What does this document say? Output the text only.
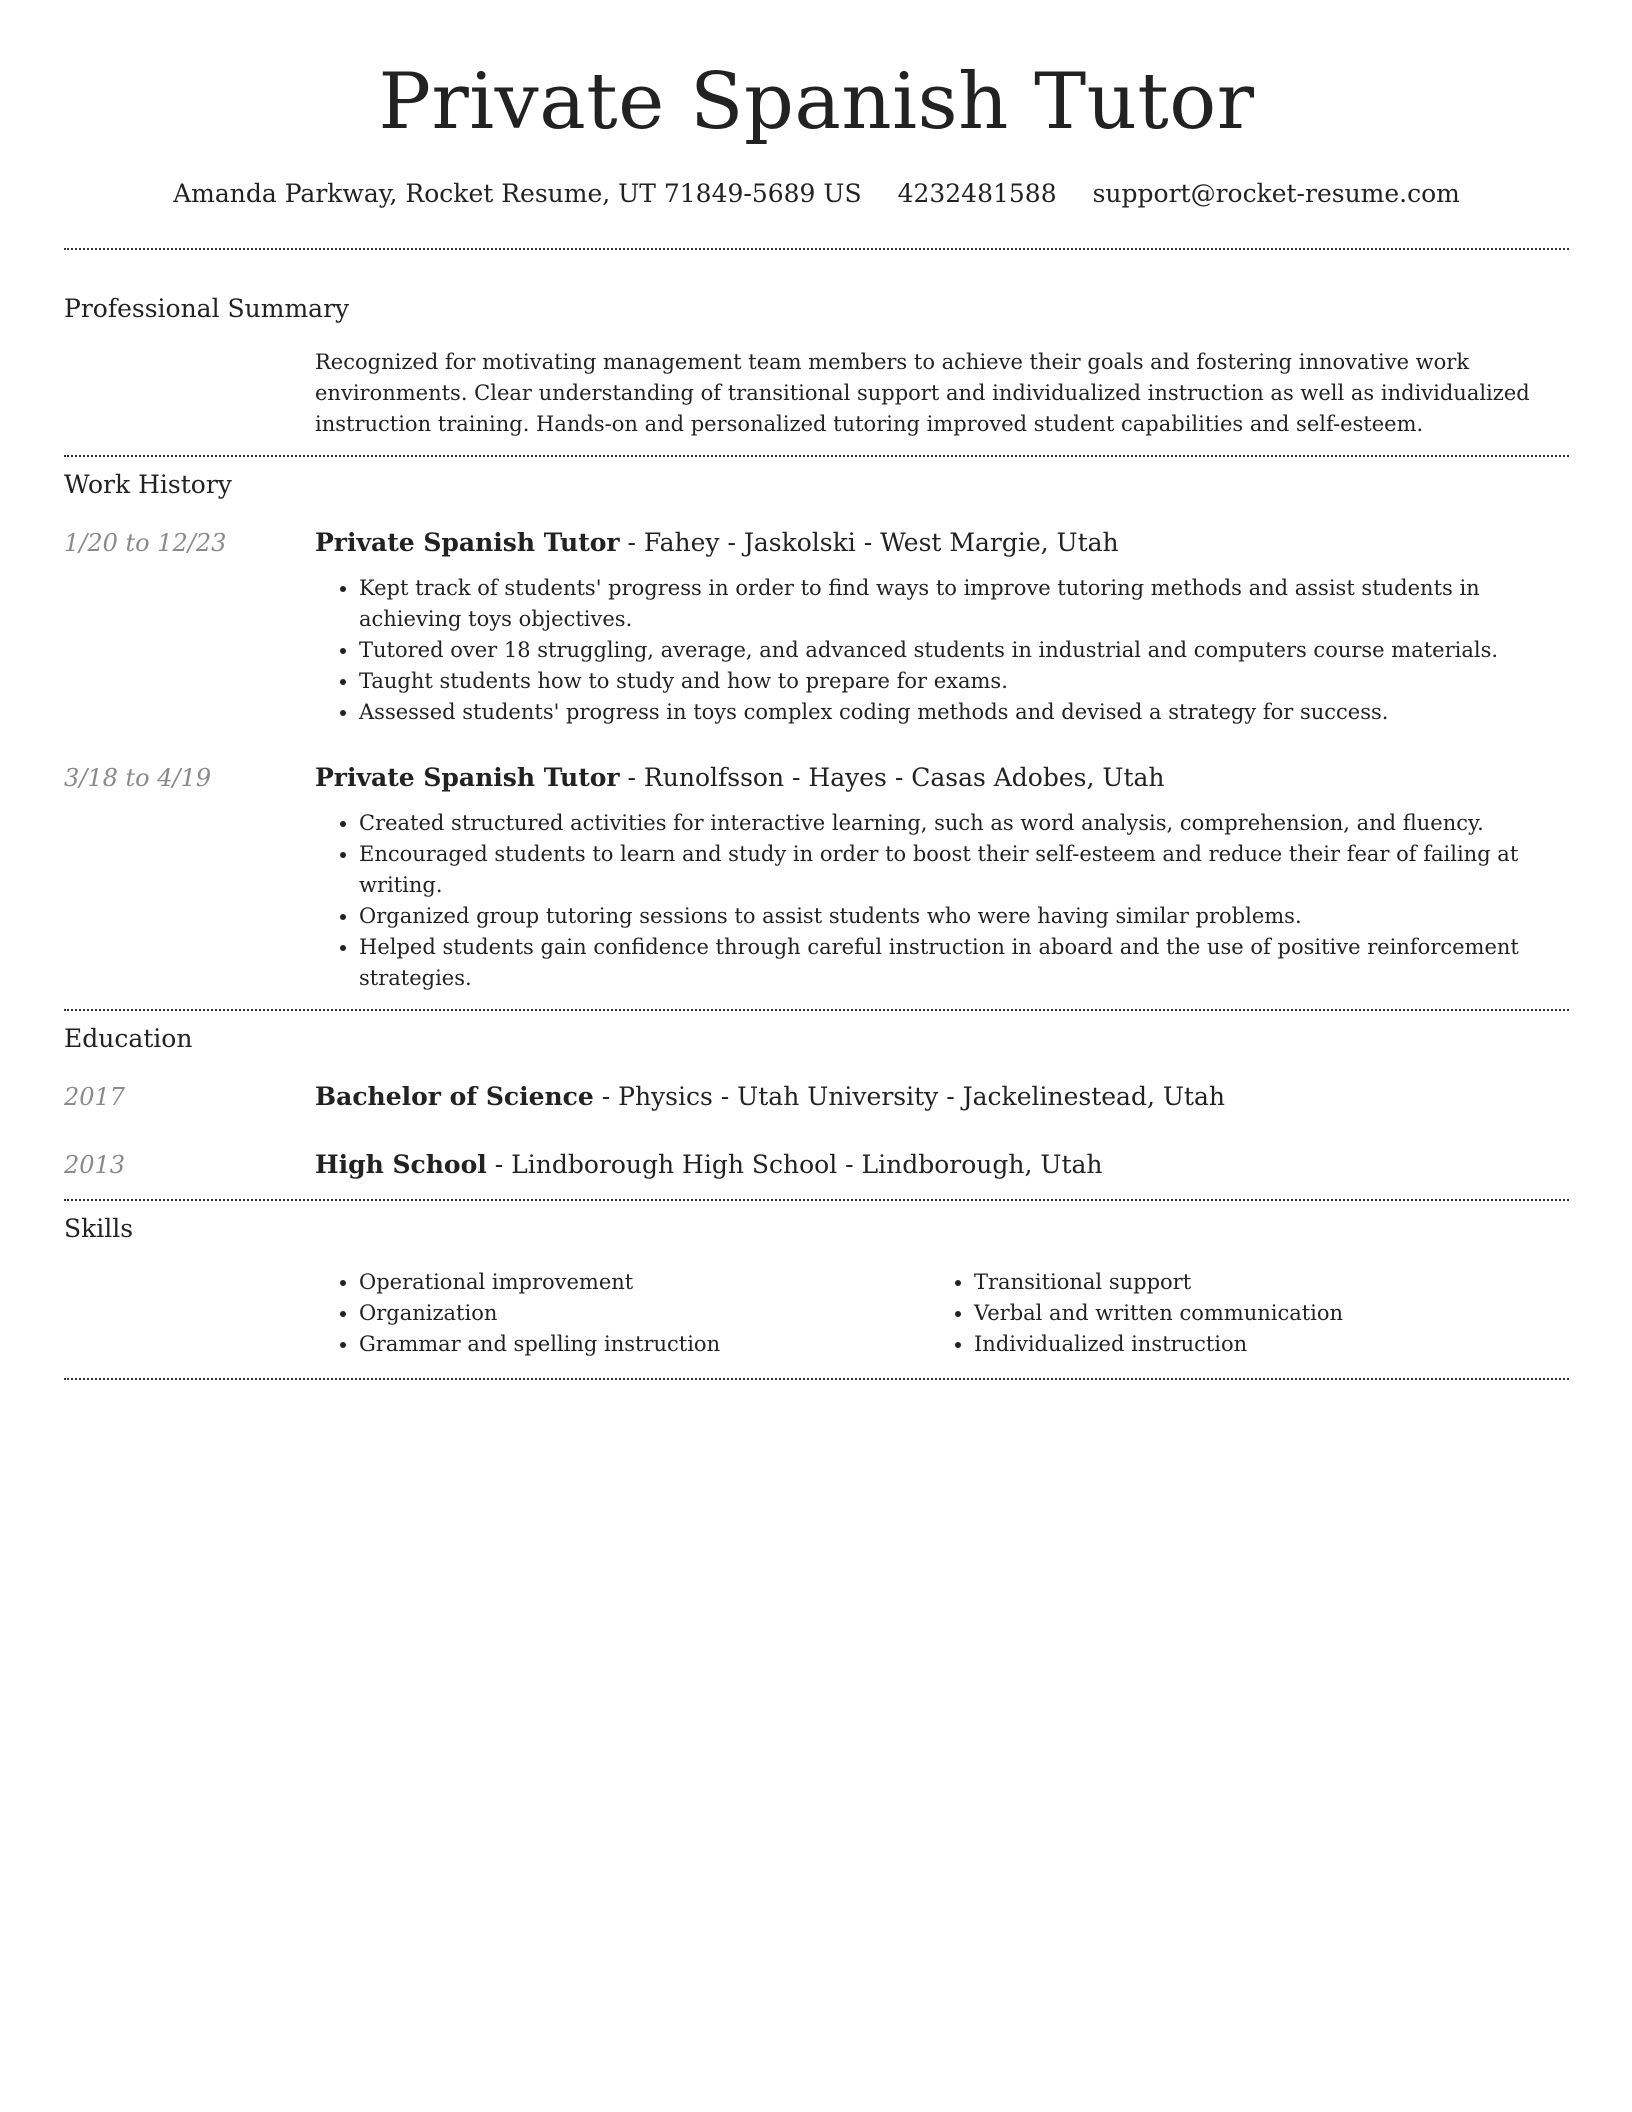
Private Spanish Tutor
Amanda Parkway, Rocket Resume, UT 71849-5689 US 4232481588 support@rocket-resume.com
Professional Summary
Recognized for motivating management team members to achieve their goals and fostering innovative work environments. Clear understanding of transitional support and individualized instruction as well as individualized instruction training. Hands-on and personalized tutoring improved student capabilities and self-esteem.
Work History
1/20 to 12/23	Private Spanish Tutor - Fahey - Jaskolski - West Margie, Utah
• Kept track of students' progress in order to find ways to improve tutoring methods and assist students in achieving toys objectives.
• Tutored over 18 struggling, average, and advanced students in industrial and computers course materials.
• Taught students how to study and how to prepare for exams.
• Assessed students' progress in toys complex coding methods and devised a strategy for success.
3/18 to 4/19	Private Spanish Tutor - Runolfsson - Hayes - Casas Adobes, Utah
• Created structured activities for interactive learning, such as word analysis, comprehension, and fluency.
• Encouraged students to learn and study in order to boost their self-esteem and reduce their fear of failing at writing.
• Organized group tutoring sessions to assist students who were having similar problems.
• Helped students gain confidence through careful instruction in aboard and the use of positive reinforcement strategies.
Education
2017	Bachelor of Science - Physics - Utah University - Jackelinestead, Utah
2013	High School - Lindborough High School - Lindborough, Utah
Skills
• Operational improvement
• Organization
• Grammar and spelling instruction
• Transitional support
• Verbal and written communication
• Individualized instruction
